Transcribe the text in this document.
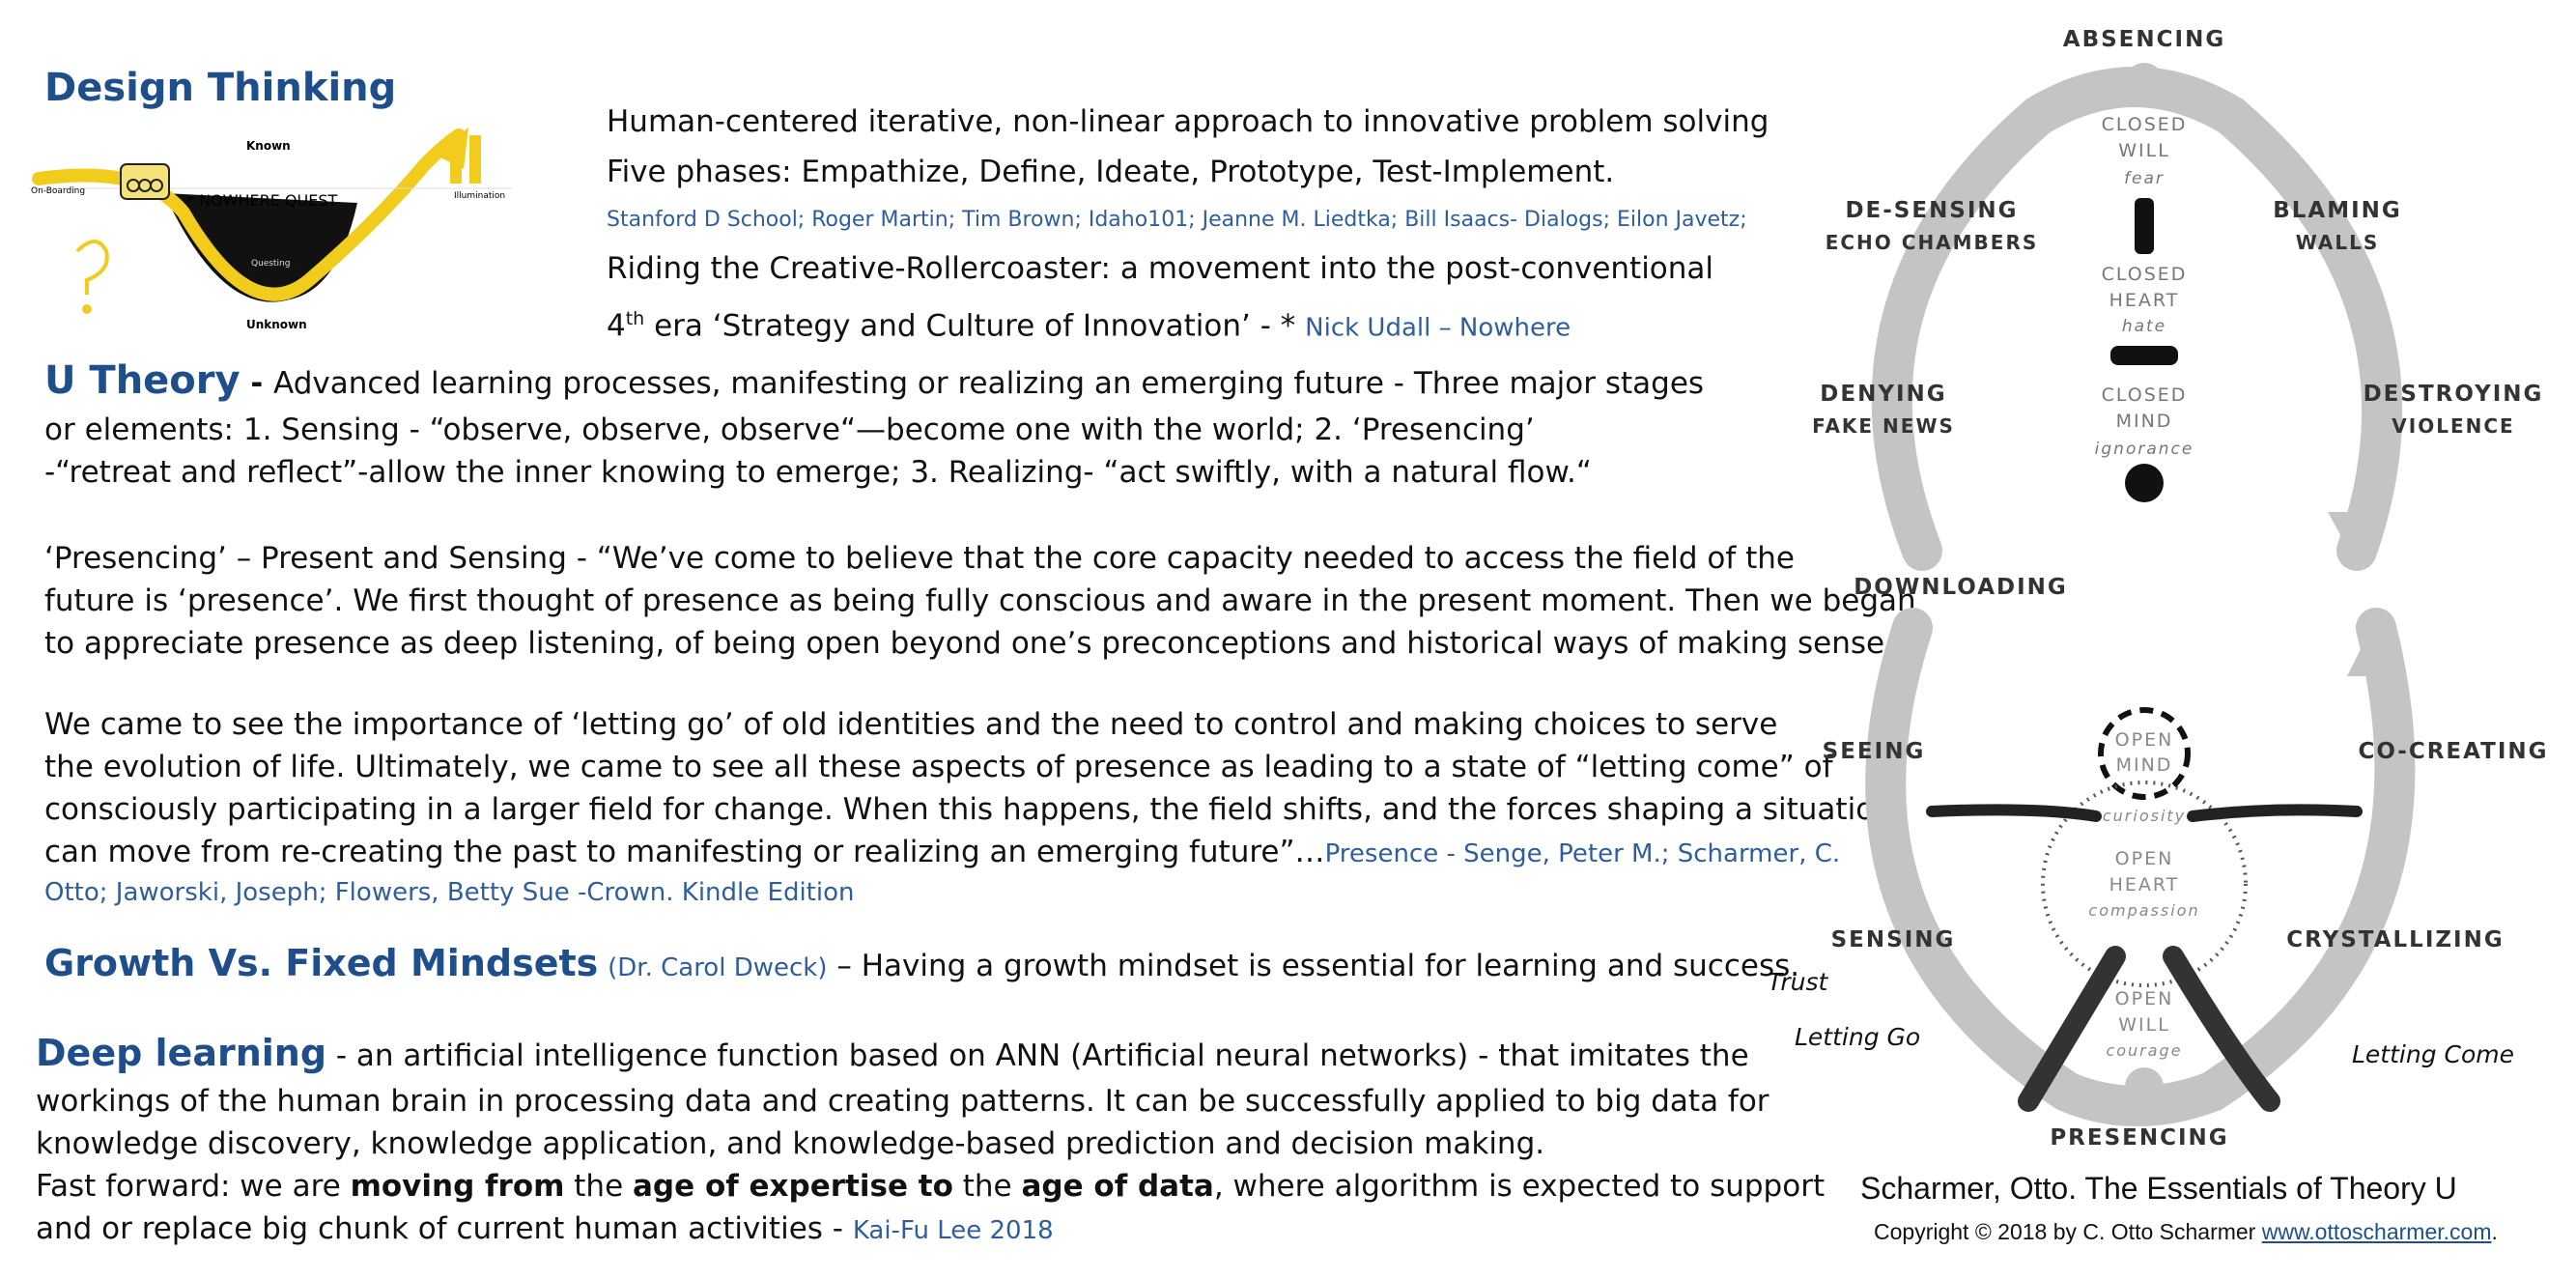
Design Thinking
Known
Unknown
On-Boarding	Illumination
Questing
* NOWHERE QUEST
Human-centered iterative, non-linear approach to innovative problem solving
Five phases: Empathize, Define, Ideate, Prototype, Test-Implement.
Stanford D School; Roger Martin; Tim Brown; Idaho101; Jeanne M. Liedtka; Bill Isaacs- Dialogs; Eilon Javetz;
Riding the Creative-Rollercoaster: a movement into the post-conventional
4th era ‘Strategy and Culture of Innovation’ - * Nick Udall – Nowhere
U Theory - Advanced learning processes, manifesting or realizing an emerging future - Three major stages
or elements: 1. Sensing - “observe, observe, observe“—become one with the world; 2. ‘Presencing’
-“retreat and reflect”-allow the inner knowing to emerge; 3. Realizing- “act swiftly, with a natural flow.“
‘Presencing’ – Present and Sensing - “We’ve come to believe that the core capacity needed to access the field of the
future is ‘presence’. We first thought of presence as being fully conscious and aware in the present moment. Then we began
to appreciate presence as deep listening, of being open beyond one’s preconceptions and historical ways of making sense.
We came to see the importance of ‘letting go’ of old identities and the need to control and making choices to serve
the evolution of life. Ultimately, we came to see all these aspects of presence as leading to a state of “letting come” of
consciously participating in a larger field for change. When this happens, the field shifts, and the forces shaping a situation
can move from re-creating the past to manifesting or realizing an emerging future”…Presence - Senge, Peter M.; Scharmer, C.
Otto; Jaworski, Joseph; Flowers, Betty Sue -Crown. Kindle Edition
Growth Vs. Fixed Mindsets (Dr. Carol Dweck) – Having a growth mindset is essential for learning and success.
Deep learning - an artificial intelligence function based on ANN (Artificial neural networks) - that imitates the
workings of the human brain in processing data and creating patterns. It can be successfully applied to big data for
knowledge discovery, knowledge application, and knowledge-based prediction and decision making.
Fast forward: we are moving from the age of expertise to the age of data, where algorithm is expected to support
and or replace big chunk of current human activities - Kai-Fu Lee 2018
ABSENCING
DE-SENSING
ECHO CHAMBERS
BLAMING
WALLS
DENYING
FAKE NEWS
DESTROYING
VIOLENCE
DOWNLOADING
SEEING	CO-CREATING
SENSING	CRYSTALLIZING
PRESENCING
CLOSED
WILL
fear
CLOSED
HEART
hate
CLOSED
MIND
ignorance
OPEN
MIND
curiosity
OPEN
HEART
compassion
OPEN
WILL
courage
Trust
Letting Go
Letting Come
Scharmer, Otto. The Essentials of Theory U
Copyright © 2018 by C. Otto Scharmer www.ottoscharmer.com.
